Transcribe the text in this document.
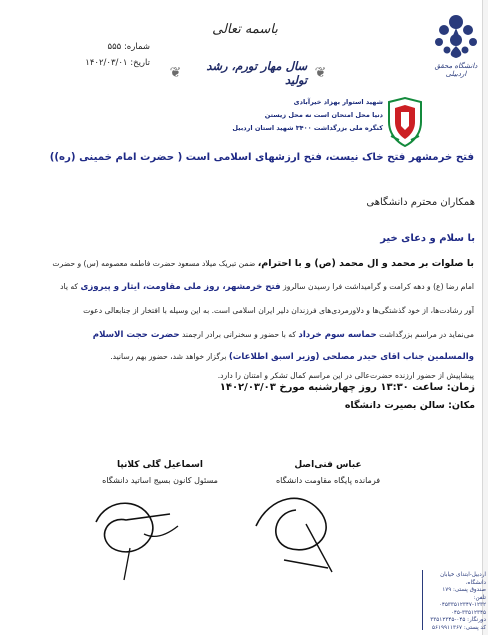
دانشگاه محقق اردبیلی
باسمه تعالی
شماره: ۵۵۵
تاریخ: ۱۴۰۲/۰۳/۰۱
❦
سال مهار تورم، رشد تولید
❦
شهید استوار بهزاد خیرآبادی
دنیا محل امتحان است نه محل زیستن
کنگره ملی بزرگداشت ۳۴۰۰ شهید استان اردبیل
فتح خرمشهر فتح خاک نیست، فتح ارزشهای اسلامی است ( حضرت امام خمینی (ره))
همکاران محترم دانشگاهی
با سلام و دعای خیر
با صلوات بر محمد و آل محمد (ص) و با احترام، ضمن تبریک میلاد مسعود حضرت فاطمه معصومه (س) و حضرت
امام رضا (ع) و دهه کرامت و گرامیداشت فرا رسیدن سالروز فتح خرمشهر، روز ملی مقاومت، ایثار و پیروزی که یاد
آور رشادت‌ها، از خود گذشتگی‌ها و دلاورمردی‌های فرزندان دلیر ایران اسلامی است. به این وسیله با افتخار از جنابعالی دعوت
می‌نماید در مراسم بزرگداشت حماسه سوم خرداد که با حضور و سخنرانی برادر ارجمند حضرت حجت الاسلام
والمسلمین جناب آقای حیدر مصلحی (وزیر اسبق اطلاعات) برگزار خواهد شد، حضور بهم رسانید.
پیشاپیش از حضور ارزنده حضرت‌عالی در این مراسم کمال تشکر و امتنان را دارد.
زمان: ساعت ۱۳:۳۰ روز چهارشنبه مورخ ۱۴۰۲/۰۳/۰۳
مکان: سالن بصیرت دانشگاه
عباس فنی‌اصل
فرمانده پایگاه مقاومت دانشگاه
اسماعیل گلی کلانپا
مسئول کانون بسیج اساتید دانشگاه
اردبیل-ابتدای خیابان دانشگاه،
صندوق پستی: ۱۷۹
تلفن: ۱۲۳۲-۰۴۵۳۳۵۱۲۳۴۷
۰۴۵-۳۳۵۱۲۳۴۵
دورنگار: ۰۴۵-۳۳۵۱۲۳۴۵
کد پستی: ۵۶۱۹۹۱۱۳۶۷
